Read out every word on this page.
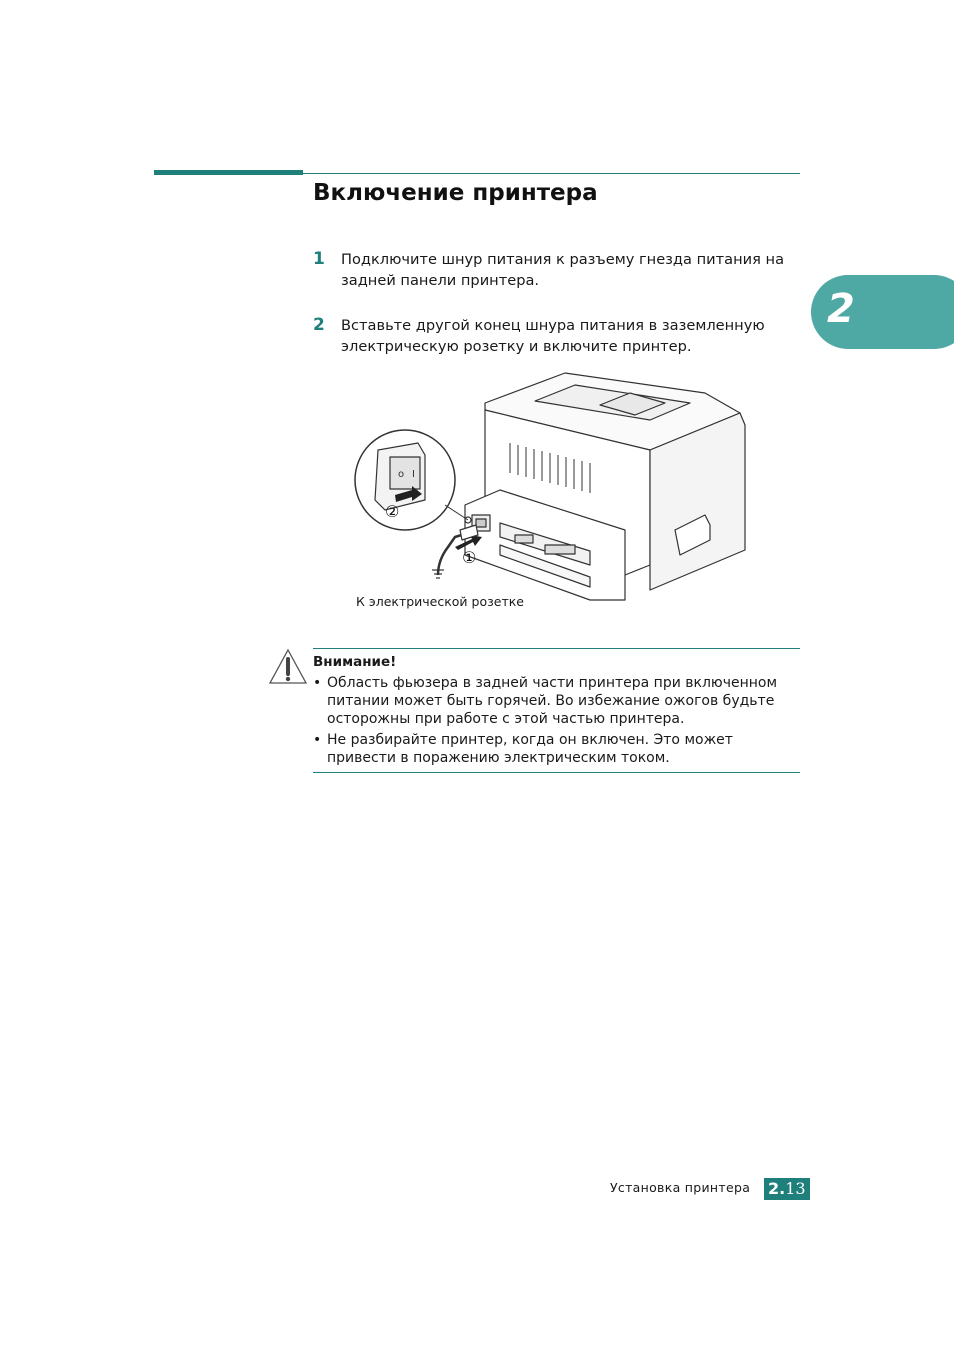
Включение принтера
2
1 Подключите шнур питания к разъему гнезда питания на задней панели принтера.
2 Вставьте другой конец шнура питания в заземленную электрическую розетку и включите принтер.
o I
②
①
К электрической розетке
Внимание!
• Область фьюзера в задней части принтера при включенном питании может быть горячей. Во избежание ожогов будьте осторожны при работе с этой частью принтера.
• Не разбирайте принтер, когда он включен. Это может привести в поражению электрическим током.
Установка принтера 2.13
